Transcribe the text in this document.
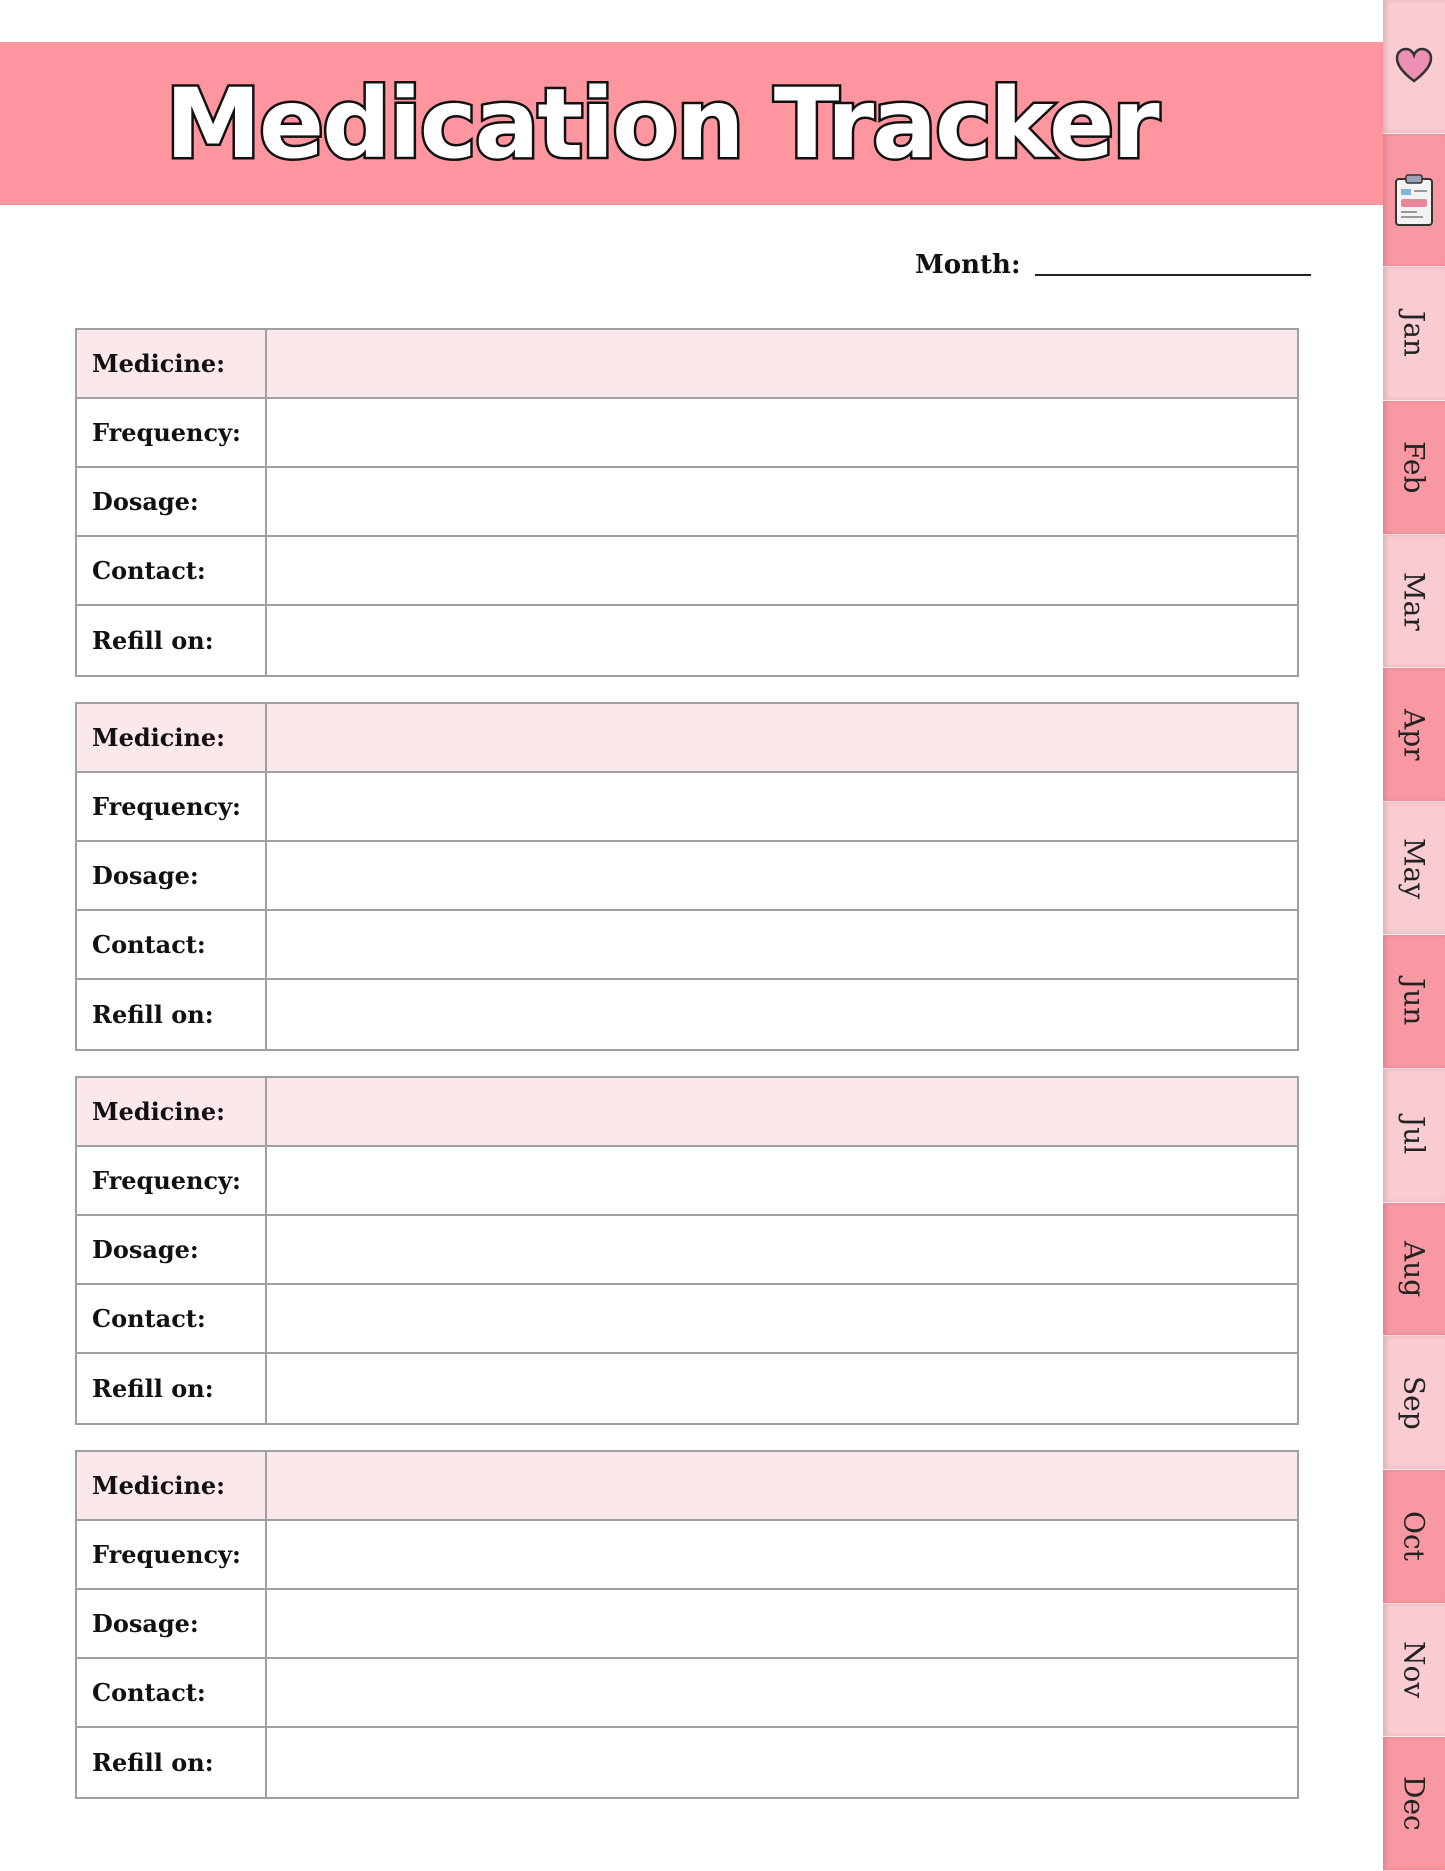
Medication Tracker
Month:
Medicine:
Frequency:
Dosage:
Contact:
Refill on:
Medicine:
Frequency:
Dosage:
Contact:
Refill on:
Medicine:
Frequency:
Dosage:
Contact:
Refill on:
Medicine:
Frequency:
Dosage:
Contact:
Refill on:
Jan
Feb
Mar
Apr
May
Jun
Jul
Aug
Sep
Oct
Nov
Dec
